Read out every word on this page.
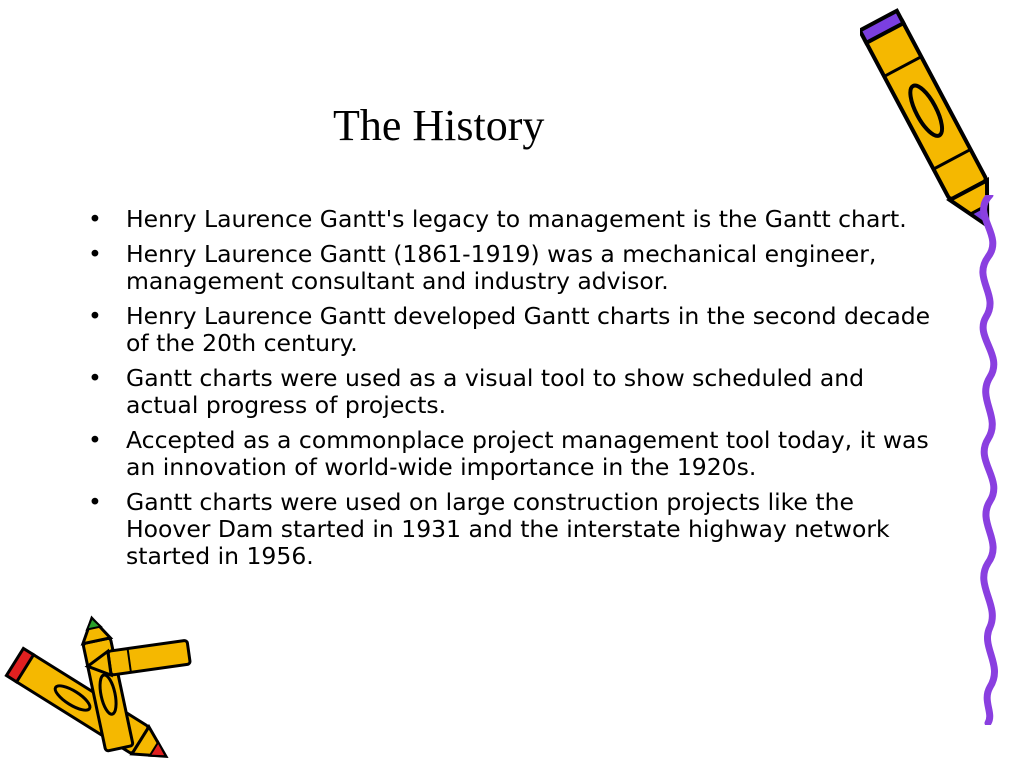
The History
• Henry Laurence Gantt's legacy to management is the Gantt chart.
• Henry Laurence Gantt (1861-1919) was a mechanical engineer, management consultant and industry advisor.
• Henry Laurence Gantt developed Gantt charts in the second decade of the 20th century.
• Gantt charts were used as a visual tool to show scheduled and actual progress of projects.
• Accepted as a commonplace project management tool today, it was an innovation of world-wide importance in the 1920s.
• Gantt charts were used on large construction projects like the Hoover Dam started in 1931 and the interstate highway network started in 1956.
